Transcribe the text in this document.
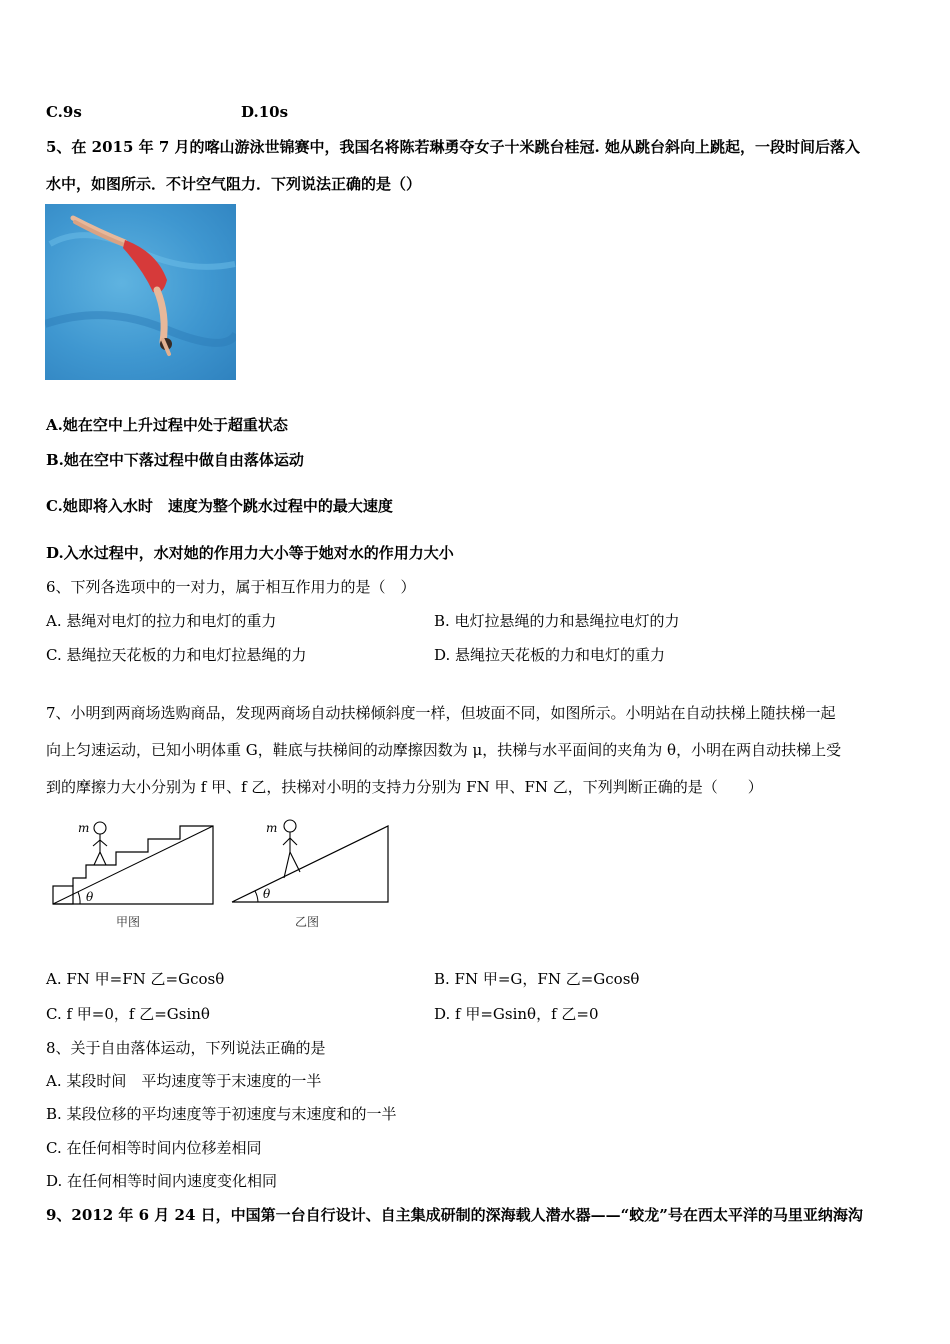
C.9s	D.10s
5、在 2015 年 7 月的喀山游泳世锦赛中，我国名将陈若琳勇夺女子十米跳台桂冠. 她从跳台斜向上跳起，一段时间后落入
水中，如图所示．不计空气阻力．下列说法正确的是（）
A.她在空中上升过程中处于超重状态
B.她在空中下落过程中做自由落体运动
C.她即将入水时　速度为整个跳水过程中的最大速度
D.入水过程中，水对她的作用力大小等于她对水的作用力大小
6、下列各选项中的一对力，属于相互作用力的是（　）
A. 悬绳对电灯的拉力和电灯的重力	B. 电灯拉悬绳的力和悬绳拉电灯的力
C. 悬绳拉天花板的力和电灯拉悬绳的力	D. 悬绳拉天花板的力和电灯的重力
7、小明到两商场选购商品，发现两商场自动扶梯倾斜度一样，但坡面不同，如图所示。小明站在自动扶梯上随扶梯一起
向上匀速运动，已知小明体重 G，鞋底与扶梯间的动摩擦因数为 μ，扶梯与水平面间的夹角为 θ，小明在两自动扶梯上受
到的摩擦力大小分别为 f 甲、f 乙，扶梯对小明的支持力分别为 FN 甲、FN 乙，下列判断正确的是（　　）
θ
m
甲图
θ
m
乙图
A. FN 甲=FN 乙=Gcosθ	B. FN 甲=G，FN 乙=Gcosθ
C. f 甲=0，f 乙=Gsinθ	D. f 甲=Gsinθ，f 乙=0
8、关于自由落体运动，下列说法正确的是
A. 某段时间　平均速度等于末速度的一半
B. 某段位移的平均速度等于初速度与末速度和的一半
C. 在任何相等时间内位移差相同
D. 在任何相等时间内速度变化相同
9、2012 年 6 月 24 日，中国第一台自行设计、自主集成研制的深海载人潜水器——“蛟龙”号在西太平洋的马里亚纳海沟
